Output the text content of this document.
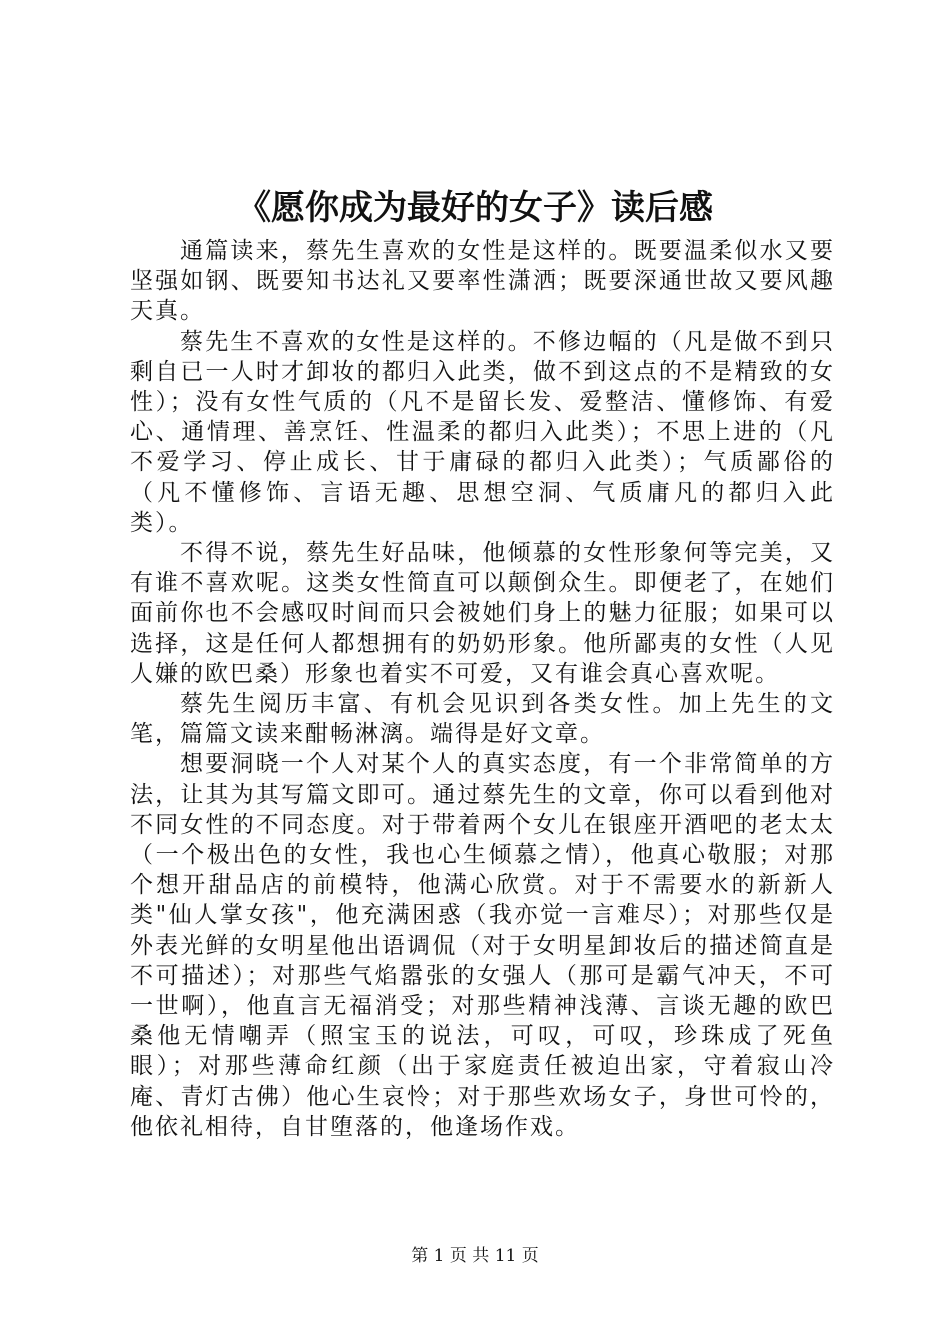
《愿你成为最好的女子》读后感

通篇读来，蔡先生喜欢的女性是这样的。既要温柔似水又要坚强如钢、既要知书达礼又要率性潇洒；既要深通世故又要风趣天真。

蔡先生不喜欢的女性是这样的。不修边幅的（凡是做不到只剩自已一人时才卸妆的都归入此类，做不到这点的不是精致的女性）；没有女性气质的（凡不是留长发、爱整洁、懂修饰、有爱心、通情理、善烹饪、性温柔的都归入此类）；不思上进的（凡不爱学习、停止成长、甘于庸碌的都归入此类）；气质鄙俗的（凡不懂修饰、言语无趣、思想空洞、气质庸凡的都归入此类）。

不得不说，蔡先生好品味，他倾慕的女性形象何等完美，又有谁不喜欢呢。这类女性简直可以颠倒众生。即便老了，在她们面前你也不会感叹时间而只会被她们身上的魅力征服；如果可以选择，这是任何人都想拥有的奶奶形象。他所鄙夷的女性（人见人嫌的欧巴桑）形象也着实不可爱，又有谁会真心喜欢呢。

蔡先生阅历丰富、有机会见识到各类女性。加上先生的文笔，篇篇文读来酣畅淋漓。端得是好文章。

想要洞晓一个人对某个人的真实态度，有一个非常简单的方法，让其为其写篇文即可。通过蔡先生的文章，你可以看到他对不同女性的不同态度。对于带着两个女儿在银座开酒吧的老太太（一个极出色的女性，我也心生倾慕之情），他真心敬服；对那个想开甜品店的前模特，他满心欣赏。对于不需要水的新新人类"仙人掌女孩"，他充满困惑（我亦觉一言难尽）；对那些仅是外表光鲜的女明星他出语调侃（对于女明星卸妆后的描述简直是不可描述）；对那些气焰嚣张的女强人（那可是霸气冲天，不可一世啊），他直言无福消受；对那些精神浅薄、言谈无趣的欧巴桑他无情嘲弄（照宝玉的说法，可叹，可叹，珍珠成了死鱼眼）；对那些薄命红颜（出于家庭责任被迫出家，守着寂山冷庵、青灯古佛）他心生哀怜；对于那些欢场女子，身世可怜的，他依礼相待，自甘堕落的，他逢场作戏。

第 1 页 共 11 页
